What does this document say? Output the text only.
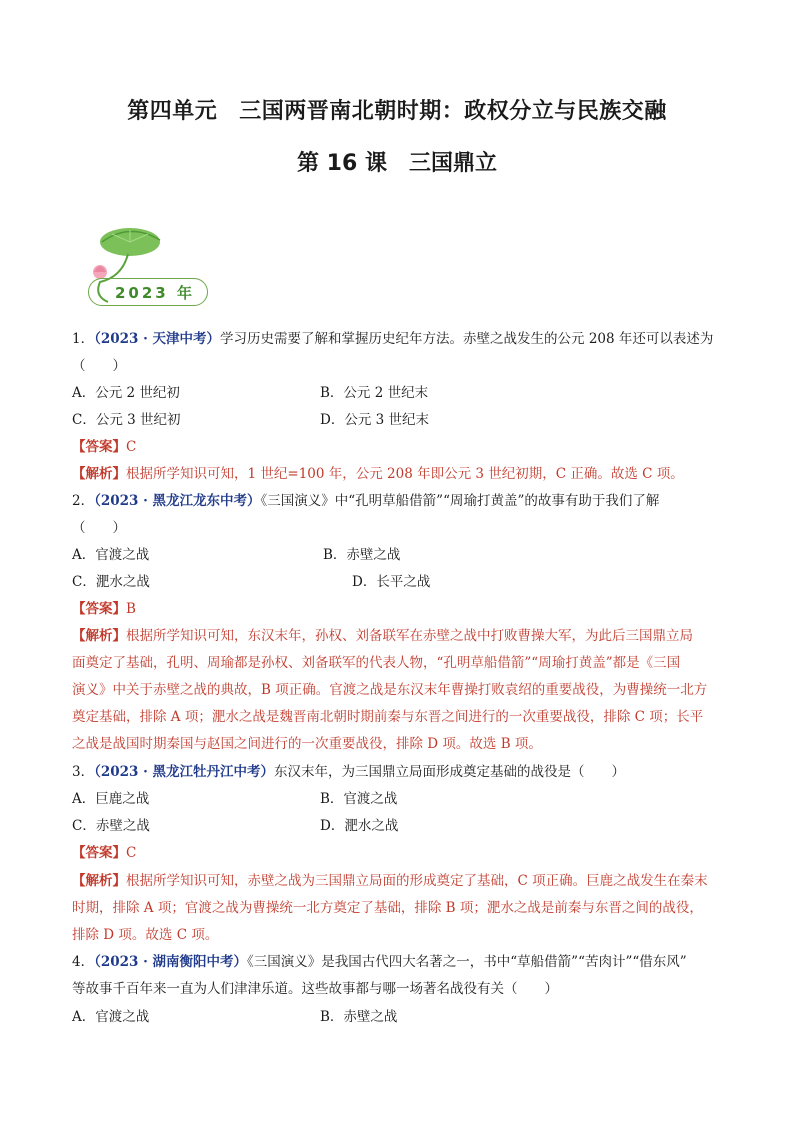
第四单元 三国两晋南北朝时期：政权分立与民族交融
第 16 课 三国鼎立
2023 年
1．（2023 · 天津中考）学习历史需要了解和掌握历史纪年方法。赤壁之战发生的公元 208 年还可以表述为
（　　）
A．公元 2 世纪初	B．公元 2 世纪末
C．公元 3 世纪初	D．公元 3 世纪末
【答案】C
【解析】根据所学知识可知，1 世纪=100 年，公元 208 年即公元 3 世纪初期，C 正确。故选 C 项。
2．（2023 · 黑龙江龙东中考）《三国演义》中“孔明草船借箭”“周瑜打黄盖”的故事有助于我们了解
（　　）
A．官渡之战	B．赤壁之战
C．淝水之战	D．长平之战
【答案】B
【解析】根据所学知识可知，东汉末年，孙权、刘备联军在赤壁之战中打败曹操大军，为此后三国鼎立局
面奠定了基础，孔明、周瑜都是孙权、刘备联军的代表人物，“孔明草船借箭”“周瑜打黄盖”都是《三国
演义》中关于赤壁之战的典故，B 项正确。官渡之战是东汉末年曹操打败袁绍的重要战役，为曹操统一北方
奠定基础，排除 A 项；淝水之战是魏晋南北朝时期前秦与东晋之间进行的一次重要战役，排除 C 项；长平
之战是战国时期秦国与赵国之间进行的一次重要战役，排除 D 项。故选 B 项。
3．（2023 · 黑龙江牡丹江中考）东汉末年，为三国鼎立局面形成奠定基础的战役是（　　）
A．巨鹿之战	B．官渡之战
C．赤壁之战	D．淝水之战
【答案】C
【解析】根据所学知识可知，赤壁之战为三国鼎立局面的形成奠定了基础，C 项正确。巨鹿之战发生在秦末
时期，排除 A 项；官渡之战为曹操统一北方奠定了基础，排除 B 项；淝水之战是前秦与东晋之间的战役，
排除 D 项。故选 C 项。
4．（2023 · 湖南衡阳中考）《三国演义》是我国古代四大名著之一，书中“草船借箭”“苦肉计”“借东风”
等故事千百年来一直为人们津津乐道。这些故事都与哪一场著名战役有关（　　）
A．官渡之战	B．赤壁之战
